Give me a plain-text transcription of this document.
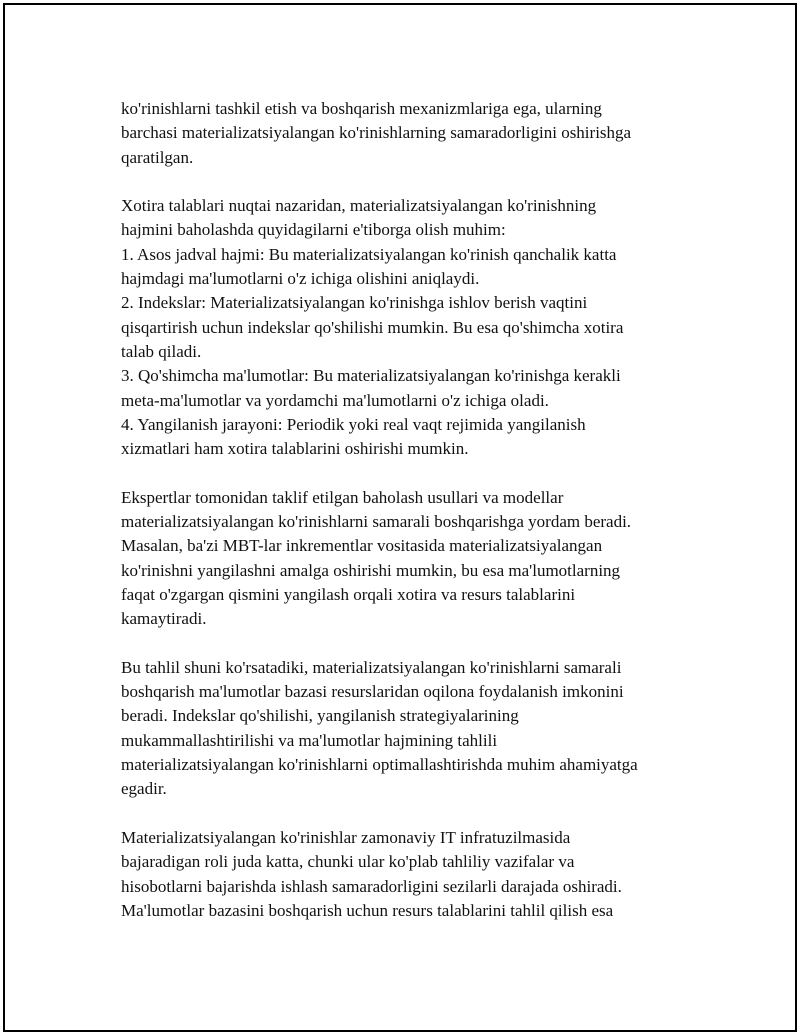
ko'rinishlarni tashkil etish va boshqarish mexanizmlariga ega, ularning
barchasi materializatsiyalangan ko'rinishlarning samaradorligini oshirishga
qaratilgan.

Xotira talablari nuqtai nazaridan, materializatsiyalangan ko'rinishning
hajmini baholashda quyidagilarni e'tiborga olish muhim:
1. Asos jadval hajmi: Bu materializatsiyalangan ko'rinish qanchalik katta
hajmdagi ma'lumotlarni o'z ichiga olishini aniqlaydi.
2. Indekslar: Materializatsiyalangan ko'rinishga ishlov berish vaqtini
qisqartirish uchun indekslar qo'shilishi mumkin. Bu esa qo'shimcha xotira
talab qiladi.
3. Qo'shimcha ma'lumotlar: Bu materializatsiyalangan ko'rinishga kerakli
meta-ma'lumotlar va yordamchi ma'lumotlarni o'z ichiga oladi.
4. Yangilanish jarayoni: Periodik yoki real vaqt rejimida yangilanish
xizmatlari ham xotira talablarini oshirishi mumkin.

Ekspertlar tomonidan taklif etilgan baholash usullari va modellar
materializatsiyalangan ko'rinishlarni samarali boshqarishga yordam beradi.
Masalan, ba'zi MBT-lar inkrementlar vositasida materializatsiyalangan
ko'rinishni yangilashni amalga oshirishi mumkin, bu esa ma'lumotlarning
faqat o'zgargan qismini yangilash orqali xotira va resurs talablarini
kamaytiradi.

Bu tahlil shuni ko'rsatadiki, materializatsiyalangan ko'rinishlarni samarali
boshqarish ma'lumotlar bazasi resurslaridan oqilona foydalanish imkonini
beradi. Indekslar qo'shilishi, yangilanish strategiyalarining
mukammallashtirilishi va ma'lumotlar hajmining tahlili
materializatsiyalangan ko'rinishlarni optimallashtirishda muhim ahamiyatga
egadir.

Materializatsiyalangan ko'rinishlar zamonaviy IT infratuzilmasida
bajaradigan roli juda katta, chunki ular ko'plab tahliliy vazifalar va
hisobotlarni bajarishda ishlash samaradorligini sezilarli darajada oshiradi.
Ma'lumotlar bazasini boshqarish uchun resurs talablarini tahlil qilish esa
